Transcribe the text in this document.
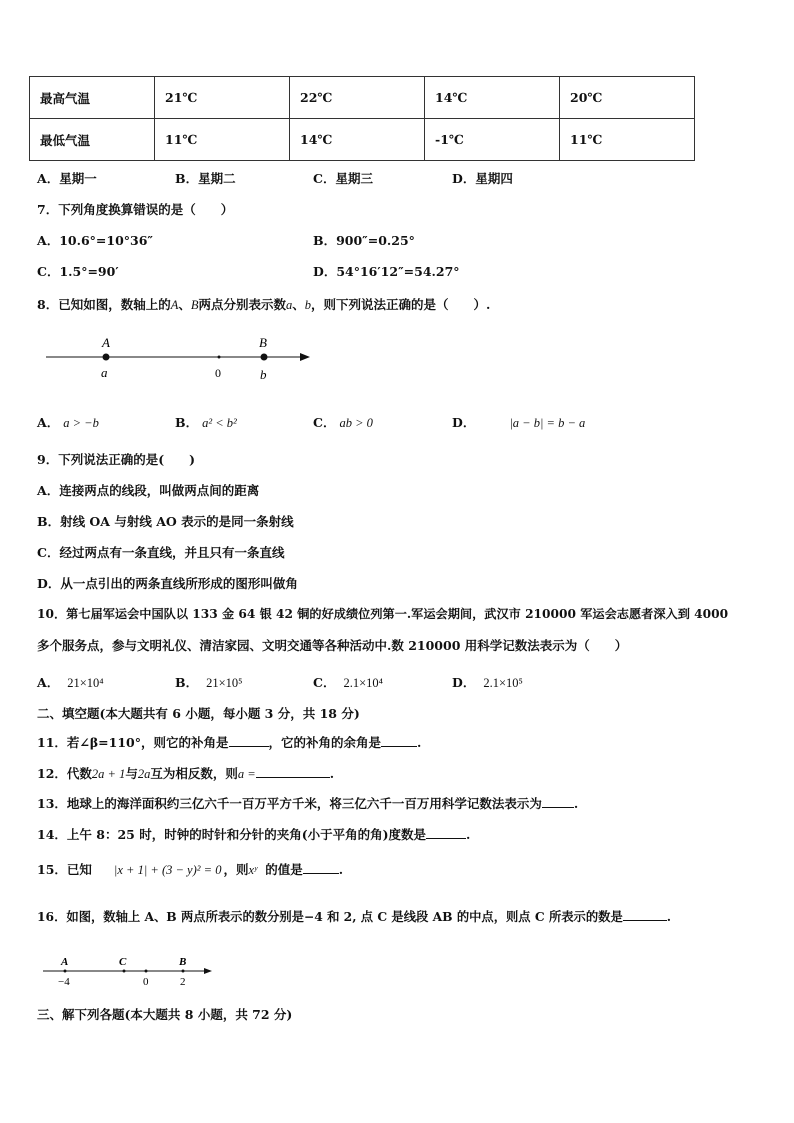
最高气温	21℃	22℃	14℃	20℃
最低气温	11℃	14℃	-1℃	11℃
A．星期一	B．星期二	C．星期三	D．星期四
7．下列角度换算错误的是（　　）
A．10.6°=10°36″	B．900″=0.25°
C．1.5°=90′	D．54°16′12″=54.27°
8．已知如图，数轴上的A、B两点分别表示数a、b，则下列说法正确的是（　　）.
A	B
a	0	b
A． a > −b	B． a² < b²	C． ab > 0	D．	|a − b| = b − a
9．下列说法正确的是(　　)
A．连接两点的线段，叫做两点间的距离
B．射线 OA 与射线 AO 表示的是同一条射线
C．经过两点有一条直线，并且只有一条直线
D．从一点引出的两条直线所形成的图形叫做角
10．第七届军运会中国队以 133 金 64 银 42 铜的好成绩位列第一.军运会期间，武汉市 210000 军运会志愿者深入到 4000
多个服务点，参与文明礼仪、清洁家园、文明交通等各种活动中.数 210000 用科学记数法表示为（　　）
A． 21×10⁴	B． 21×10⁵	C． 2.1×10⁴	D． 2.1×10⁵
二、填空题(本大题共有 6 小题，每小题 3 分，共 18 分)
11．若∠β=110°，则它的补角是	，它的补角的余角是	.
12．代数2a + 1与2a互为相反数，则a =	.
13．地球上的海洋面积约三亿六千一百万平方千米，将三亿六千一百万用科学记数法表示为	.
14．上午 8：25 时，时钟的时针和分针的夹角(小于平角的角)度数是	.
15．已知 |x + 1| + (3 − y)² = 0 ，则xʸ 的值是	.
16．如图，数轴上 A、B 两点所表示的数分别是−4 和 2, 点 C 是线段 AB 的中点，则点 C 所表示的数是	.
A	C	B
−4	0	2
三、解下列各题(本大题共 8 小题，共 72 分)
